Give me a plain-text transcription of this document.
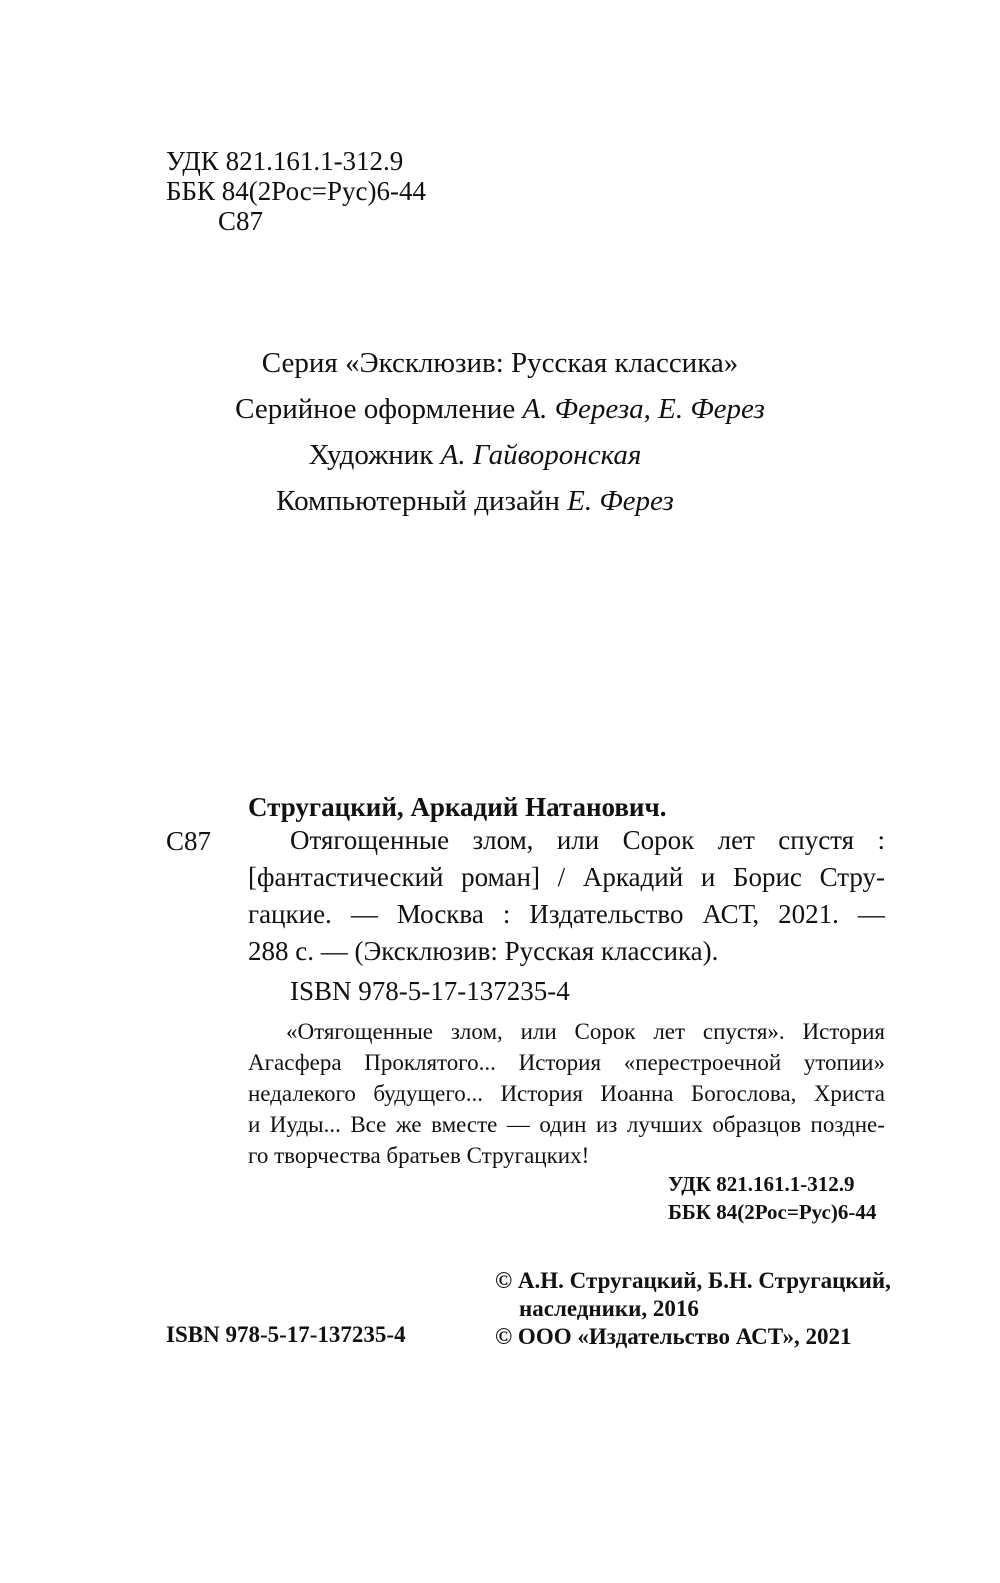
УДК 821.161.1-312.9
ББК 84(2Рос=Рус)6-44
С87
Серия «Эксклюзив: Русская классика»
Серийное оформление А. Фереза, Е. Ферез
Художник А. Гайворонская
Компьютерный дизайн Е. Ферез
Стругацкий, Аркадий Натанович.
С87	Отягощенные злом, или Сорок лет спустя :
[фантастический роман] / Аркадий и Борис Стру-
гацкие. — Москва : Издательство АСТ, 2021. —
288 с. — (Эксклюзив: Русская классика).
ISBN 978-5-17-137235-4
«Отягощенные злом, или Сорок лет спустя». История
Агасфера Проклятого... История «перестроечной утопии»
недалекого будущего... История Иоанна Богослова, Христа
и Иуды... Все же вместе — один из лучших образцов поздне-
го творчества братьев Стругацких!
УДК 821.161.1-312.9
ББК 84(2Рос=Рус)6-44
© А.Н. Стругацкий, Б.Н. Стругацкий,
наследники, 2016
© ООО «Издательство АСТ», 2021
ISBN 978-5-17-137235-4
